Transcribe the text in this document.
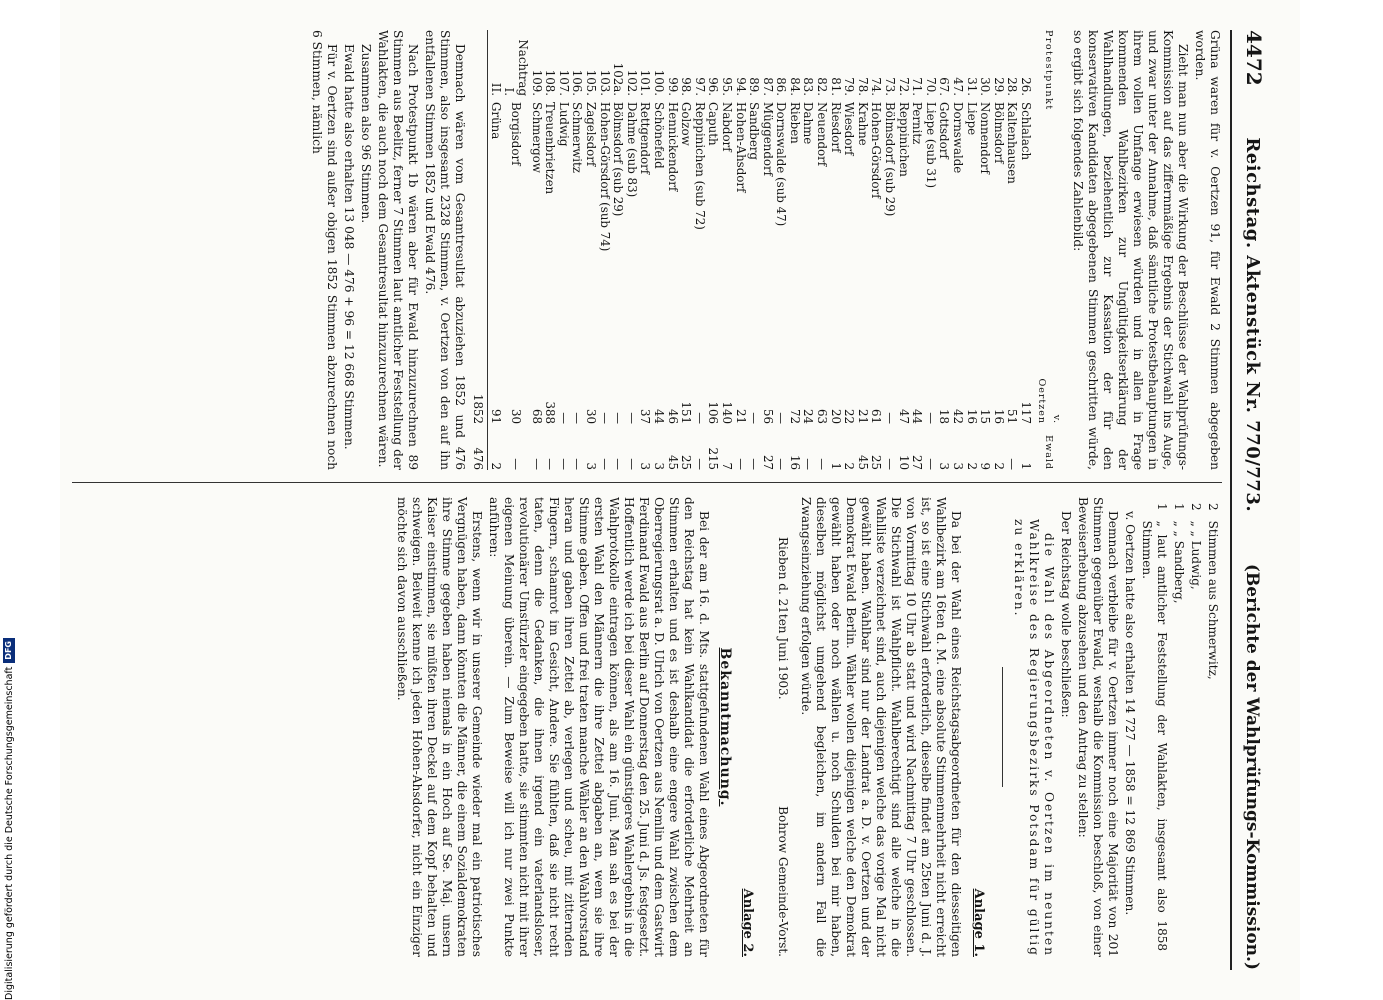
4472
Reichstag. Aktenstück Nr. 770/773.
(Berichte der Wahlprüfungs-Kommission.)

Grüna waren für v. Oertzen 91, für Ewald 2 Stimmen abgegeben worden.

Zieht man nun aber die Wirkung der Beschlüsse der Wahlprüfungs-Kommission auf das ziffernmäßige Ergebnis der Stichwahl ins Auge, und zwar unter der Annahme, daß sämtliche Protestbehauptungen in ihrem vollen Umfange erwiesen würden und in allen in Frage kommenden Wahlbezirken zur Ungültigkeitserklärung der Wahlhandlungen, beziehentlich zur Kassation der für den konservativen Kandidaten abgegebenen Stimmen geschritten würde, so ergibt sich folgendes Zahlenbild:

Protestpunkt		v. Oertzen	Ewald
26.	Schlalach	117	1
28.	Kaltenhausen	51	—
29.	Bölmsdorf	16	2
30.	Nonnendorf	15	9
31.	Liepe	16	2
47.	Dornswalde	42	3
67.	Gottsdorf	18	3
70.	Liepe (sub 31)	—	—
71.	Pernitz	44	27
72.	Reppinichen	47	10
73.	Bölmsdorf (sub 29)	—	—
74.	Hohen-Görsdorf	61	25
78.	Krahne	21	45
79.	Wiesdorf	22	2
81.	Riesdorf	20	1
82.	Neuendorf	63	—
83.	Dahme	24	—
84.	Rieben	72	16
86.	Dornswalde (sub 47)	—	—
87.	Müggendorf	56	27
89.	Sandberg	—	—
94.	Hohen-Ahsdorf	21	—
95.	Nabdorf	140	7
96.	Caputh	106	215
97.	Reppinichen (sub 72)	—	—
98.	Golzow	151	25
99.	Hennickendorf	46	45
100.	Schönefeld	44	3
101.	Rettgendorf	37	3
102.	Dahme (sub 83)	—	—
102a.	Bölmsdorf (sub 29)	—	—
103.	Hohen-Görsdorf (sub 74)	—	—
105.	Zagelsdorf	30	3
106.	Schmerwitz	—	—
107.	Ludwig	—	—
108.	Treuenbrietzen	388	—
109.	Schmergow	68	—
Nachtrag I.	Borgisdorf	30	—
II.	Grüna	91	2
		1852	476

Demnach wären vom Gesamtresultat abzuziehen 1852 und 476 Stimmen, also insgesamt 2328 Stimmen, v. Oertzen von den auf ihn entfallenen Stimmen 1852 und Ewald 476.

Nach Protestpunkt 1b wären aber für Ewald hinzuzurechnen 89 Stimmen aus Beelitz, ferner 7 Stimmen laut amtlicher Feststellung der Wahlakten, die auch noch dem Gesamtresultat hinzuzurechnen wären.

Zusammen also 96 Stimmen.

Ewald hatte also erhalten 13 048 — 476 + 96 = 12 668 Stimmen.

Für v. Oertzen sind außer obigen 1852 Stimmen abzurechnen noch 6 Stimmen, nämlich

2	Stimmen aus Schmerwitz,
2	„ „ Ludwig,
1	„ „ Sandberg,
1	„ laut amtlicher Feststellung der Wahlakten, insgesamt also 1858 Stimmen.

v. Oertzen hatte also erhalten 14 727 — 1858 = 12 869 Stimmen.

Demnach verbleibe für v. Oertzen immer noch eine Majorität von 201 Stimmen gegenüber Ewald, weshalb die Kommission beschloß, von einer Beweiserhebung abzusehen und den Antrag zu stellen:

Der Reichstag wolle beschließen:

die Wahl des Abgeordneten v. Oertzen im neunten Wahlkreise des Regierungsbezirks Potsdam für gültig zu erklären.

Anlage 1.

Da bei der Wahl eines Reichstagsabgeordneten für den diesseitigen Wahlbezirk am 16ten d. M. eine absolute Stimmenmehrheit nicht erreicht ist, so ist eine Stichwahl erforderlich, dieselbe findet am 25ten Juni d. J. von Vormittag 10 Uhr ab statt und wird Nachmittag 7 Uhr geschlossen. Die Stichwahl ist Wahlpflicht. Wahlberechtigt sind alle welche in die Wahlliste verzeichnet sind, auch diejenigen welche das vorige Mal nicht gewählt haben. Wahlbar sind nur der Landrat a. D. v. Oertzen und der Demokrat Ewald Berlin. Wähler wollen diejenigen welche den Demokrat gewählt haben oder noch wählen u. noch Schulden bei mir haben, dieselben möglichst umgehend begleichen, im andern Fall die Zwangseinziehung erfolgen würde.

Rieben d. 21ten Juni 1903.
Bohrow Gemeinde-Vorst.
Anlage 2.
Bekanntmachung.

Bei der am 16. d. Mts. stattgefundenen Wahl eines Abgeordneten für den Reichstag hat kein Wahlkandidat die erforderliche Mehrheit an Stimmen erhalten und es ist deshalb eine engere Wahl zwischen dem Oberregierungsrat a. D. Ulrich von Oertzen aus Nemlin und dem Gastwirt Ferdinand Ewald aus Berlin auf Donnerstag den 25. Juni d. Js. festgesetzt. Hoffentlich werde ich bei dieser Wahl ein günstigeres Wahlergebnis in die Wahlprotokolle eintragen können, als am 16. Juni. Man sah es bei der ersten Wahl den Männern die ihre Zettel abgaben an, wem sie ihre Stimme gaben. Offen und frei traten manche Wähler an den Wahlvorstand heran und gaben ihren Zettel ab, verlegen und scheu, mit zitternden Fingern, schamrot im Gesicht, Andere. Sie fühlten, daß sie nicht recht taten, denn die Gedanken, die ihnen irgend ein vaterlandsloser, revolutionärer Umstürzler eingegeben hatte, sie stimmten nicht mit ihrer eigenen Meinung überein. — Zum Beweise will ich nur zwei Punkte anführen:

Erstens, wenn wir in unserer Gemeinde wieder mal ein patriotisches Vergnügen haben, dann könnten die Männer, die einem Sozialdemokraten ihre Stimme gegeben haben niemals in ein Hoch auf Se. Maj. unsern Kaiser einstimmen, sie müßten ihren Deckel auf dem Kopf behalten und schweigen. Beiweit kenne ich jeden Hohen-Ahsdorfer, nicht ein Einziger möchte sich davon ausschließen.

Digitalisierung gefördert durch die Deutsche Forschungsgemeinschaft
DFG
